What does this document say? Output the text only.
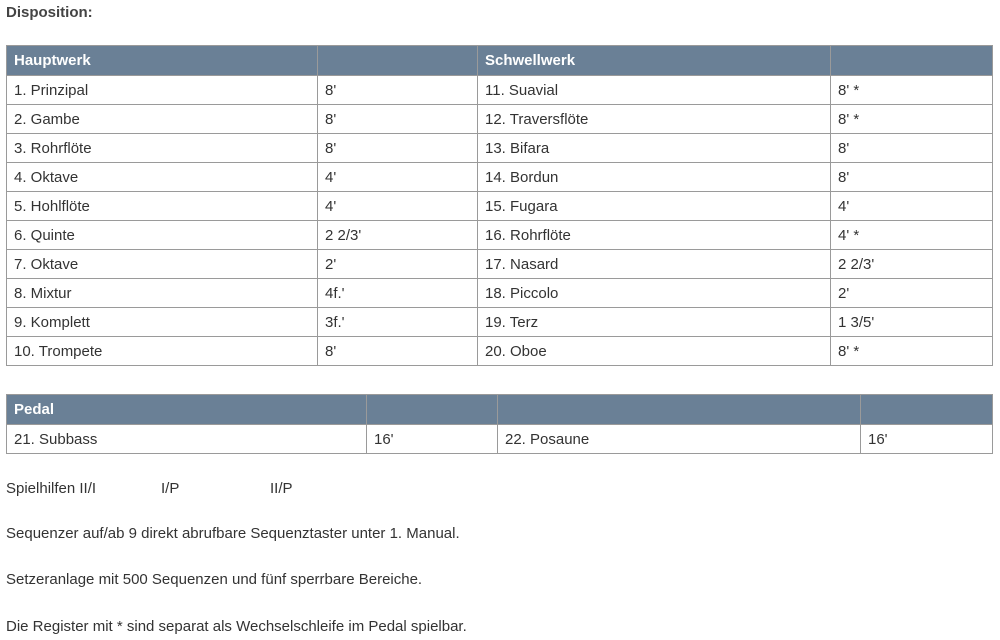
Disposition:
Hauptwerk		Schwellwerk	
1. Prinzipal	8'	11. Suavial	8' *
2. Gambe	8'	12. Traversflöte	8' *
3. Rohrflöte	8'	13. Bifara	8'
4. Oktave	4'	14. Bordun	8'
5. Hohlflöte	4'	15. Fugara	4'
6. Quinte	2 2/3'	16. Rohrflöte	4' *
7. Oktave	2'	17. Nasard	2 2/3'
8. Mixtur	4f.'	18. Piccolo	2'
9. Komplett	3f.'	19. Terz	1 3/5'
10. Trompete	8'	20. Oboe	8' *
Pedal			
21. Subbass	16'	22. Posaune	16'

Spielhilfen II/I	I/P	II/P

Sequenzer auf/ab 9 direkt abrufbare Sequenztaster unter 1. Manual.

Setzeranlage mit 500 Sequenzen und fünf sperrbare Bereiche.

Die Register mit * sind separat als Wechselschleife im Pedal spielbar.
